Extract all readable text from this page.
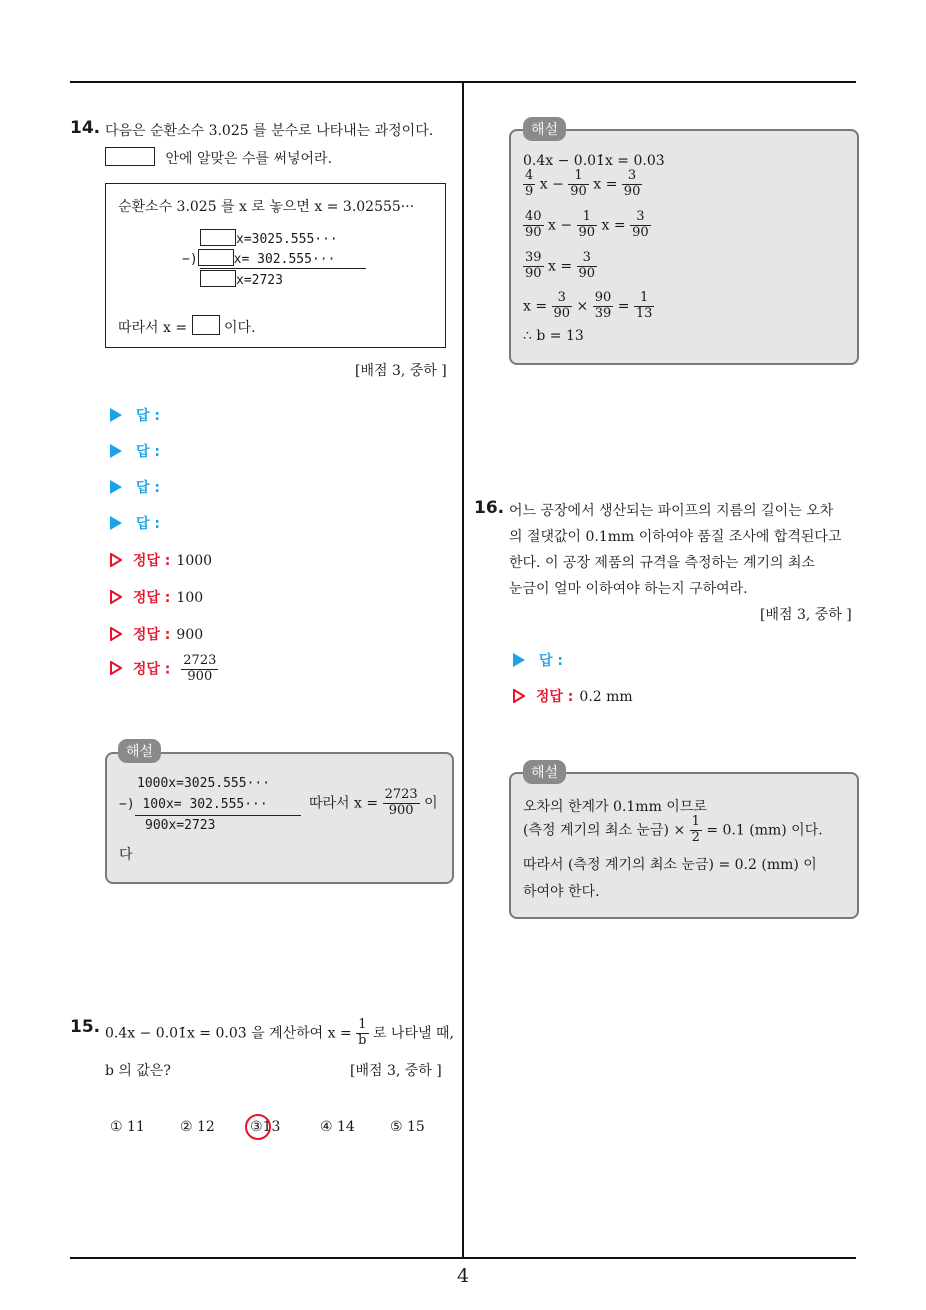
14. 다음은 순환소수 3.025̇ 를 분수로 나타내는 과정이다.
안에 알맞은 수를 써넣어라.
순환소수 3.025̇ 를 x 로 놓으면 x = 3.02555···
x=3025.555···
−)	x= 302.555···
x=2723
따라서 x =	이다.
[배점 3, 중하 ]
답 :
답 :
답 :
답 :
정답 : 1000
정답 : 100
정답 : 900
정답 : $\frac{2723}{900}$
1000x=3025.555···
−) 100x= 302.555···
900x=2723
따라서 $x = \frac{2723}{900}$ 이
다
해설
15. 0.4̇x − 0.01̇x = 0.03̇ 을 계산하여 $x = \frac{1}{b}$ 로 나타낼 때,
b 의 값은?	[배점 3, 중하 ]
① 11	② 12	③13	④ 14	⑤ 15
0.4̇x − 0.01̇x = 0.03̇
$\frac{4}{9}$ $x - \frac{1}{90}$ $x = \frac{3}{90}$
$\frac{40}{90}$ $x - \frac{1}{90}$ $x = \frac{3}{90}$
$\frac{39}{90}$ $x = \frac{3}{90}$
$x = \frac{3}{90} \times \frac{90}{39} = \frac{1}{13}$
∴ b = 13
해설
16. 어느 공장에서 생산되는 파이프의 지름의 길이는 오차
의 절댓값이 0.1mm 이하여야 품질 조사에 합격된다고
한다. 이 공장 제품의 규격을 측정하는 계기의 최소
눈금이 얼마 이하여야 하는지 구하여라.
[배점 3, 중하 ]
답 :
정답 : 0.2 mm
오차의 한계가 0.1mm 이므로
(측정 계기의 최소 눈금) × $\frac{1}{2} = 0.1$ (mm) 이다.
따라서 (측정 계기의 최소 눈금) = 0.2 (mm) 이
하여야 한다.
해설
4
